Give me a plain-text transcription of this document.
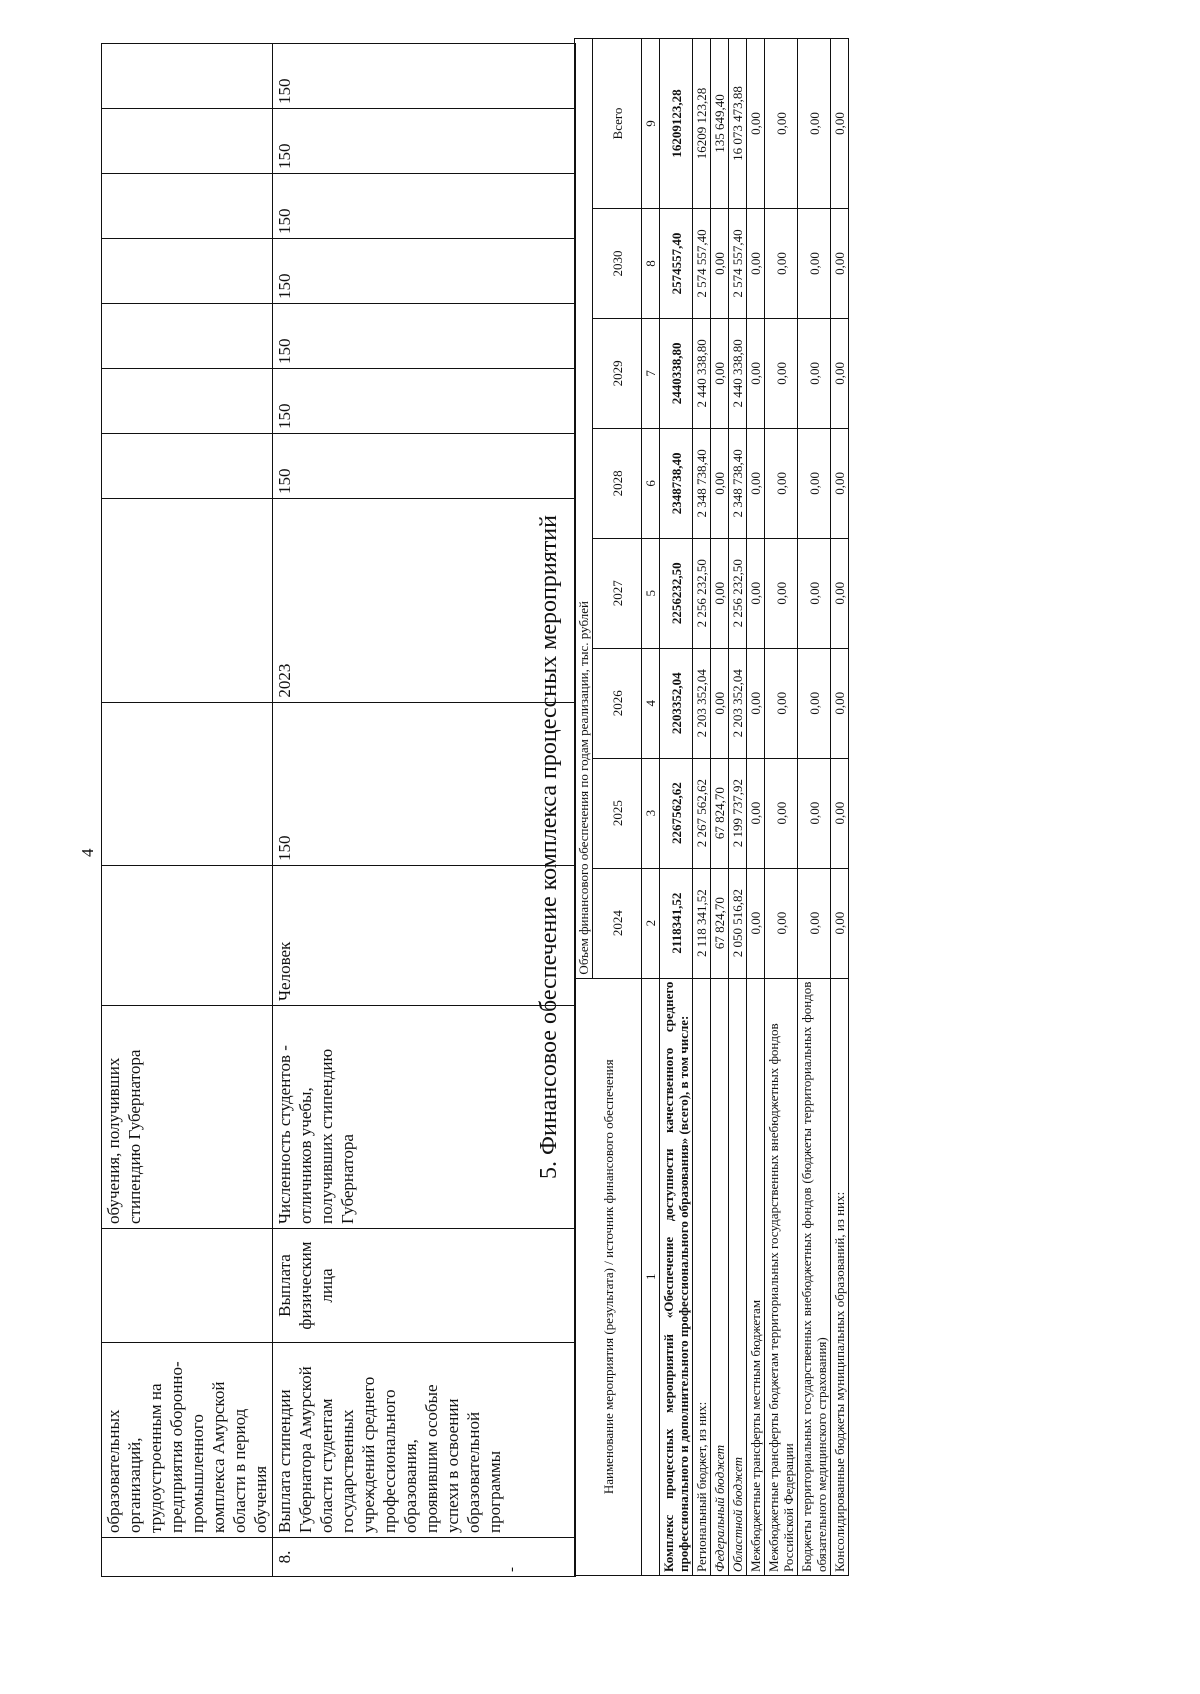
4
	образовательных организаций, трудоустроенным на предприятия оборонно-промышленного комплекса Амурской области в период обучения		обучения, получивших стипендию Губернатора										
8.	Выплата стипендии Губернатора Амурской области студентам государственных учреждений среднего профессионального образования, проявившим особые успехи в освоении образовательной программы	Выплата физическим лица	Численность студентов - отличников учебы, получивших стипендию Губернатора	Человек	150	2023	150	150	150	150	150	150	150
-
5. Финансовое обеспечение комплекса процессных мероприятий
Наименование мероприятия (результата) / источник финансового обеспечения	Объем финансового обеспечения по годам реализации, тыс. рублей							
	2024	2025	2026	2027	2028	2029	2030	Всего
1	2	3	4	5	6	7	8	9
Комплекс процессных мероприятий «Обеспечение доступности качественного среднего профессионального и дополнительного профессионального образования» (всего), в том числе:	2118341,52	2267562,62	2203352,04	2256232,50	2348738,40	2440338,80	2574557,40	16209123,28
Региональный бюджет, из них:	2 118 341,52	2 267 562,62	2 203 352,04	2 256 232,50	2 348 738,40	2 440 338,80	2 574 557,40	16209 123,28
Федеральный бюджет	67 824,70	67 824,70	0,00	0,00	0,00	0,00	0,00	135 649,40
Областной бюджет	2 050 516,82	2 199 737,92	2 203 352,04	2 256 232,50	2 348 738,40	2 440 338,80	2 574 557,40	16 073 473,88
Межбюджетные трансферты местным бюджетам	0,00	0,00	0,00	0,00	0,00	0,00	0,00	0,00
Межбюджетные трансферты бюджетам территориальных государственных внебюджетных фондов Российской Федерации	0,00	0,00	0,00	0,00	0,00	0,00	0,00	0,00
Бюджеты территориальных государственных внебюджетных фондов (бюджеты территориальных фондов обязательного медицинского страхования)	0,00	0,00	0,00	0,00	0,00	0,00	0,00	0,00
Консолидированные бюджеты муниципальных образований, из них:	0,00	0,00	0,00	0,00	0,00	0,00	0,00	0,00
